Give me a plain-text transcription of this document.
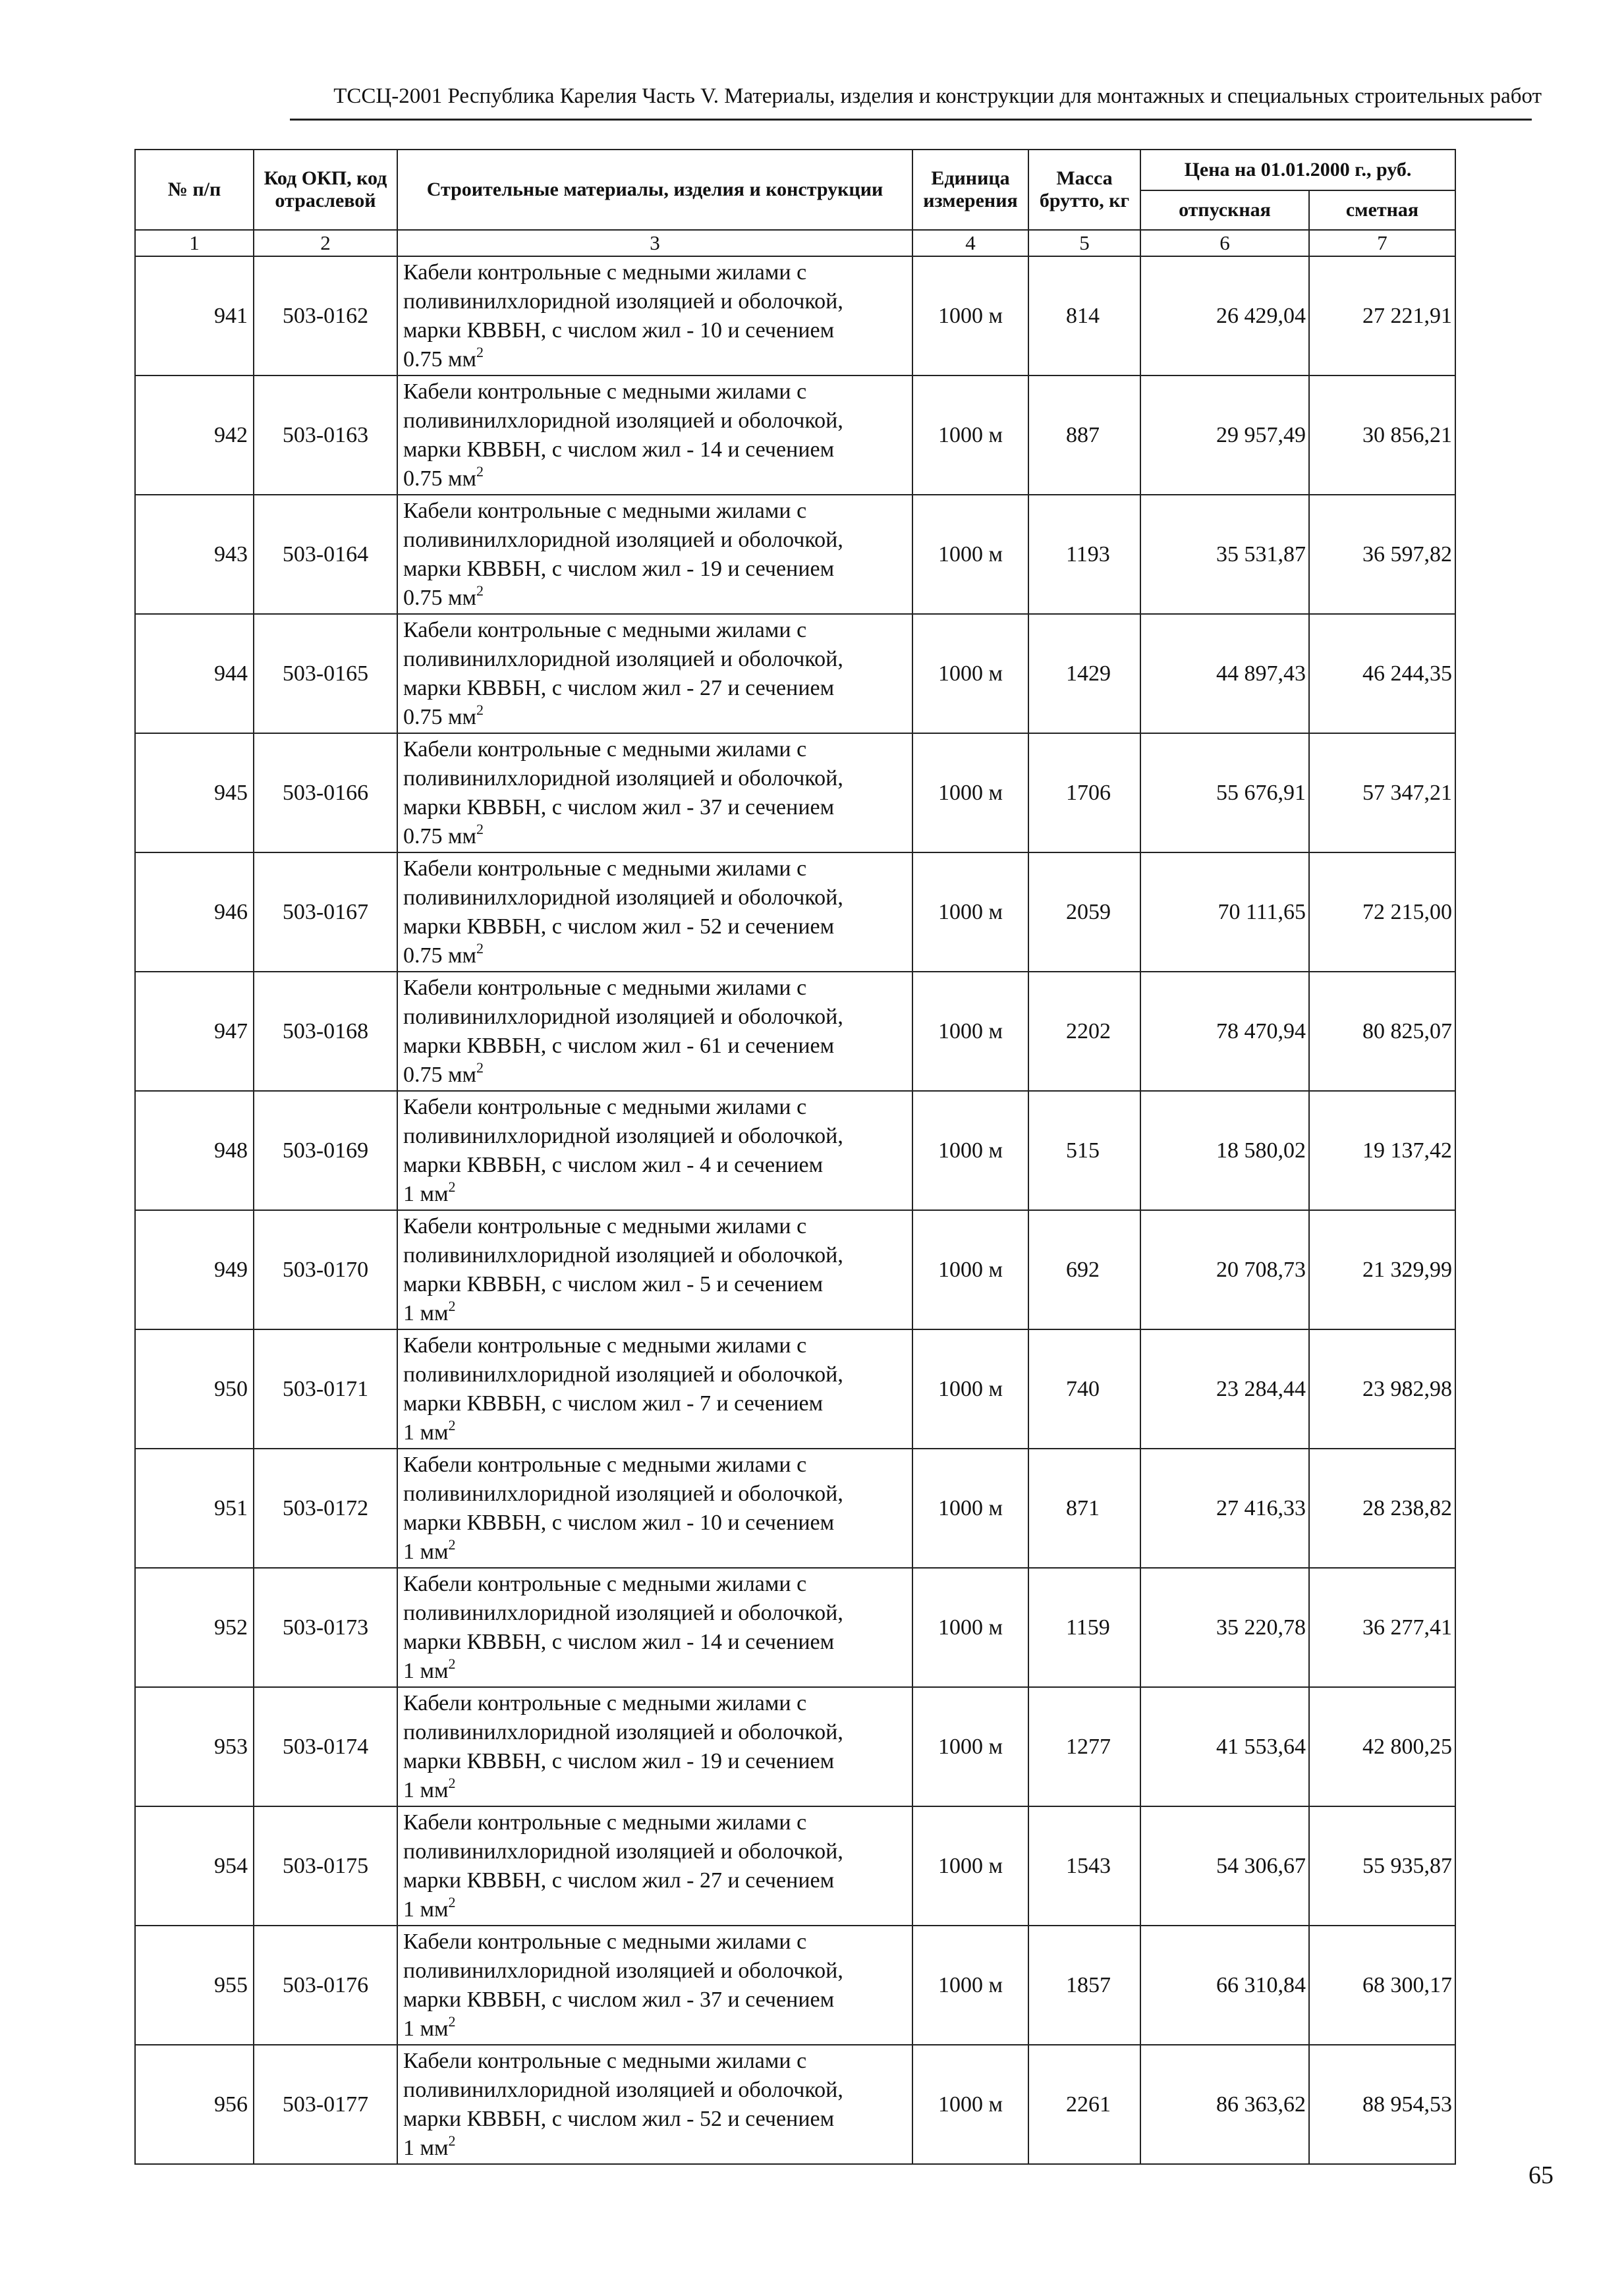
ТССЦ-2001 Республика Карелия Часть V. Материалы, изделия и конструкции для монтажных и специальных строительных работ
№ п/п	Код ОКП, код отраслевой	Строительные материалы, изделия и конструкции	Единица измерения	Масса брутто, кг	Цена на 01.01.2000 г., руб.	
					отпускная	сметная
1	2	3	4	5	6	7
941	503-0162	Кабели контрольные с медными жилами с
поливинилхлоридной изоляцией и оболочкой,
марки КВВБН, с числом жил - 10 и сечением
0.75 $мм^2$	1000 м	814	26 429,04	27 221,91
942	503-0163	Кабели контрольные с медными жилами с
поливинилхлоридной изоляцией и оболочкой,
марки КВВБН, с числом жил - 14 и сечением
0.75 $мм^2$	1000 м	887	29 957,49	30 856,21
943	503-0164	Кабели контрольные с медными жилами с
поливинилхлоридной изоляцией и оболочкой,
марки КВВБН, с числом жил - 19 и сечением
0.75 $мм^2$	1000 м	1193	35 531,87	36 597,82
944	503-0165	Кабели контрольные с медными жилами с
поливинилхлоридной изоляцией и оболочкой,
марки КВВБН, с числом жил - 27 и сечением
0.75 $мм^2$	1000 м	1429	44 897,43	46 244,35
945	503-0166	Кабели контрольные с медными жилами с
поливинилхлоридной изоляцией и оболочкой,
марки КВВБН, с числом жил - 37 и сечением
0.75 $мм^2$	1000 м	1706	55 676,91	57 347,21
946	503-0167	Кабели контрольные с медными жилами с
поливинилхлоридной изоляцией и оболочкой,
марки КВВБН, с числом жил - 52 и сечением
0.75 $мм^2$	1000 м	2059	70 111,65	72 215,00
947	503-0168	Кабели контрольные с медными жилами с
поливинилхлоридной изоляцией и оболочкой,
марки КВВБН, с числом жил - 61 и сечением
0.75 $мм^2$	1000 м	2202	78 470,94	80 825,07
948	503-0169	Кабели контрольные с медными жилами с
поливинилхлоридной изоляцией и оболочкой,
марки КВВБН, с числом жил - 4 и сечением
1 $мм^2$	1000 м	515	18 580,02	19 137,42
949	503-0170	Кабели контрольные с медными жилами с
поливинилхлоридной изоляцией и оболочкой,
марки КВВБН, с числом жил - 5 и сечением
1 $мм^2$	1000 м	692	20 708,73	21 329,99
950	503-0171	Кабели контрольные с медными жилами с
поливинилхлоридной изоляцией и оболочкой,
марки КВВБН, с числом жил - 7 и сечением
1 $мм^2$	1000 м	740	23 284,44	23 982,98
951	503-0172	Кабели контрольные с медными жилами с
поливинилхлоридной изоляцией и оболочкой,
марки КВВБН, с числом жил - 10 и сечением
1 $мм^2$	1000 м	871	27 416,33	28 238,82
952	503-0173	Кабели контрольные с медными жилами с
поливинилхлоридной изоляцией и оболочкой,
марки КВВБН, с числом жил - 14 и сечением
1 $мм^2$	1000 м	1159	35 220,78	36 277,41
953	503-0174	Кабели контрольные с медными жилами с
поливинилхлоридной изоляцией и оболочкой,
марки КВВБН, с числом жил - 19 и сечением
1 $мм^2$	1000 м	1277	41 553,64	42 800,25
954	503-0175	Кабели контрольные с медными жилами с
поливинилхлоридной изоляцией и оболочкой,
марки КВВБН, с числом жил - 27 и сечением
1 $мм^2$	1000 м	1543	54 306,67	55 935,87
955	503-0176	Кабели контрольные с медными жилами с
поливинилхлоридной изоляцией и оболочкой,
марки КВВБН, с числом жил - 37 и сечением
1 $мм^2$	1000 м	1857	66 310,84	68 300,17
956	503-0177	Кабели контрольные с медными жилами с
поливинилхлоридной изоляцией и оболочкой,
марки КВВБН, с числом жил - 52 и сечением
1 $мм^2$	1000 м	2261	86 363,62	88 954,53
65
